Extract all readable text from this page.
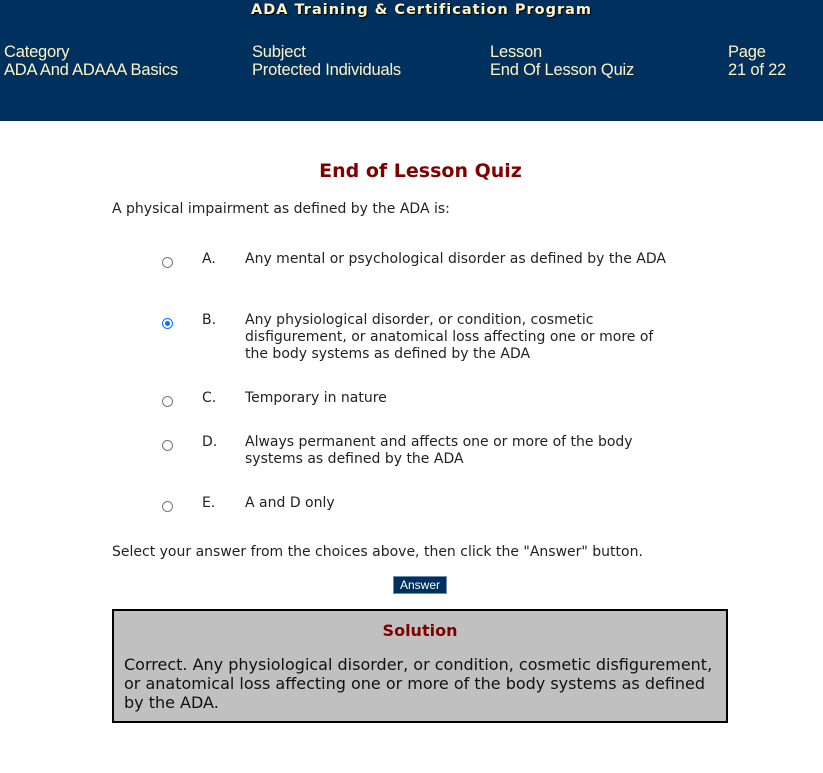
ADA Training & Certification Program
Category
ADA And ADAAA Basics
Subject
Protected Individuals
Lesson
End Of Lesson Quiz
Page
21 of 22
End of Lesson Quiz
A physical impairment as defined by the ADA is:
A. Any mental or psychological disorder as defined by the ADA
B. Any physiological disorder, or condition, cosmetic disfigurement, or anatomical loss affecting one or more of the body systems as defined by the ADA
C. Temporary in nature
D. Always permanent and affects one or more of the body systems as defined by the ADA
E. A and D only
Select your answer from the choices above, then click the "Answer" button.
Answer
Solution
Correct. Any physiological disorder, or condition, cosmetic disfigurement, or anatomical loss affecting one or more of the body systems as defined by the ADA.
